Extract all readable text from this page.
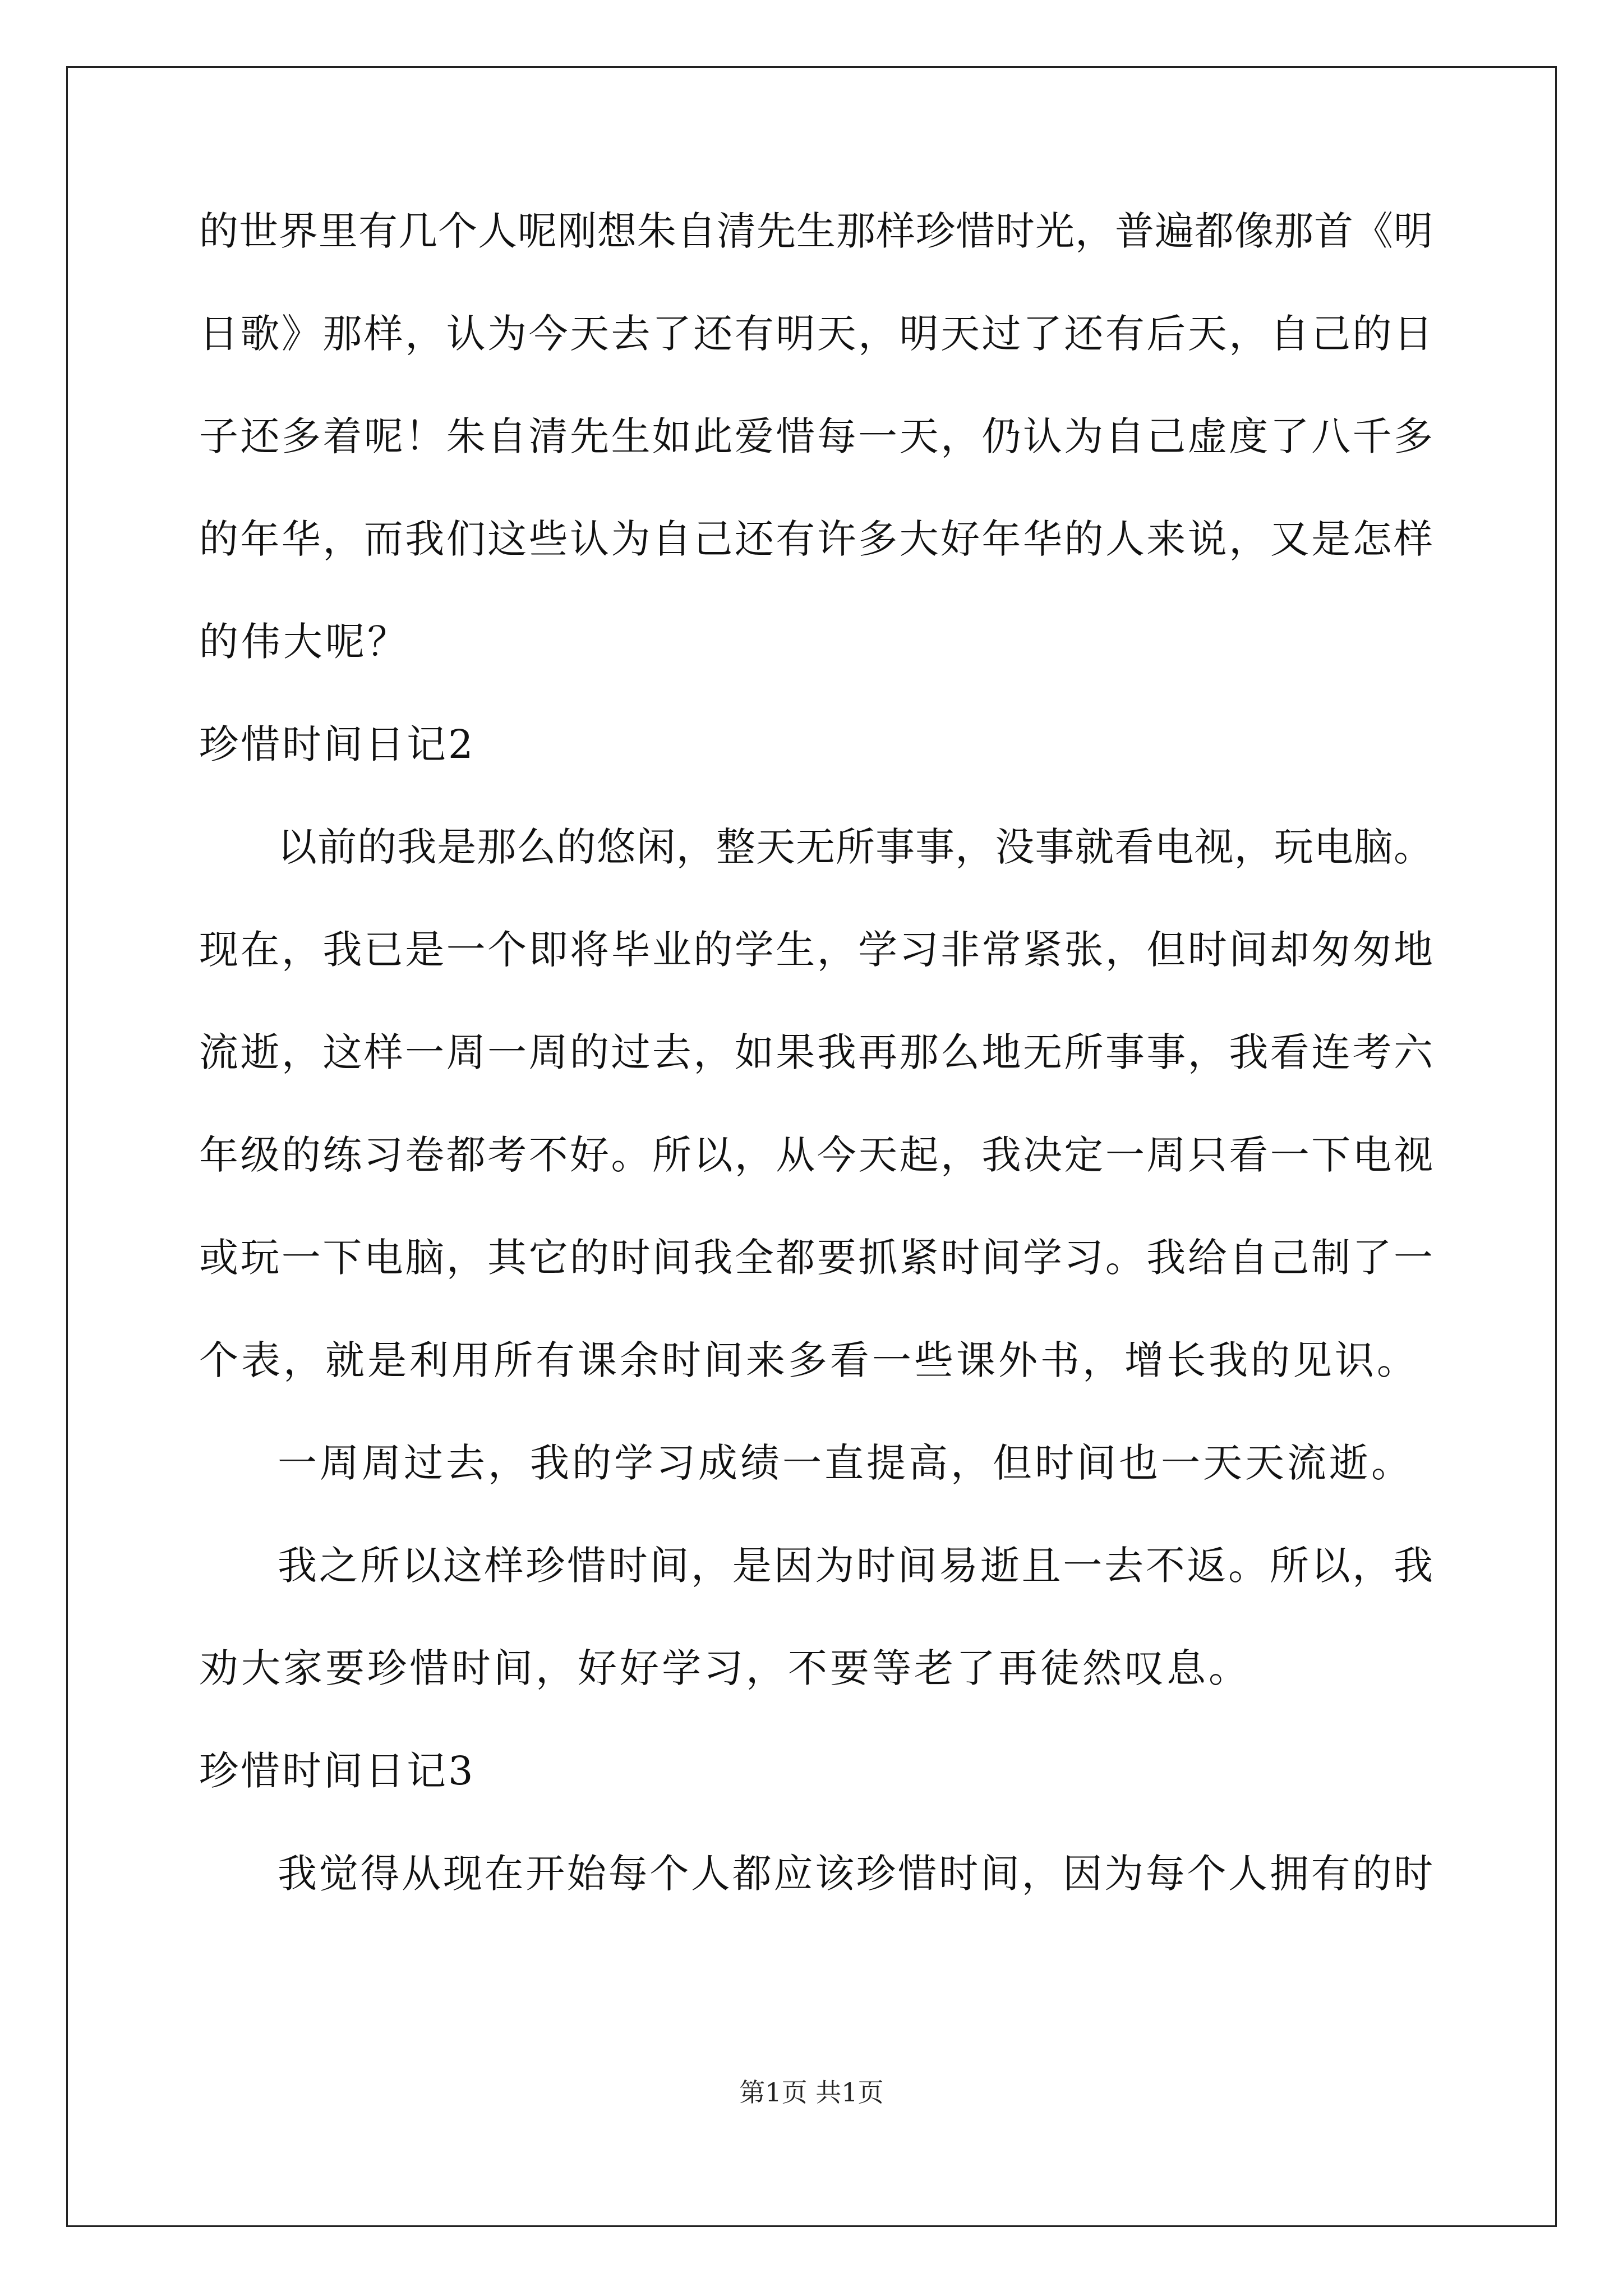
的世界里有几个人呢刚想朱自清先生那样珍惜时光，普遍都像那首《明
日歌》那样，认为今天去了还有明天，明天过了还有后天，自己的日
子还多着呢！朱自清先生如此爱惜每一天，仍认为自己虚度了八千多
的年华，而我们这些认为自己还有许多大好年华的人来说，又是怎样
的伟大呢？
珍惜时间日记2
以前的我是那么的悠闲，整天无所事事，没事就看电视，玩电脑。
现在，我已是一个即将毕业的学生，学习非常紧张，但时间却匆匆地
流逝，这样一周一周的过去，如果我再那么地无所事事，我看连考六
年级的练习卷都考不好。所以，从今天起，我决定一周只看一下电视
或玩一下电脑，其它的时间我全都要抓紧时间学习。我给自己制了一
个表，就是利用所有课余时间来多看一些课外书，增长我的见识。
一周周过去，我的学习成绩一直提高，但时间也一天天流逝。
我之所以这样珍惜时间，是因为时间易逝且一去不返。所以，我
劝大家要珍惜时间，好好学习，不要等老了再徒然叹息。
珍惜时间日记3
我觉得从现在开始每个人都应该珍惜时间，因为每个人拥有的时
第1页 共1页
